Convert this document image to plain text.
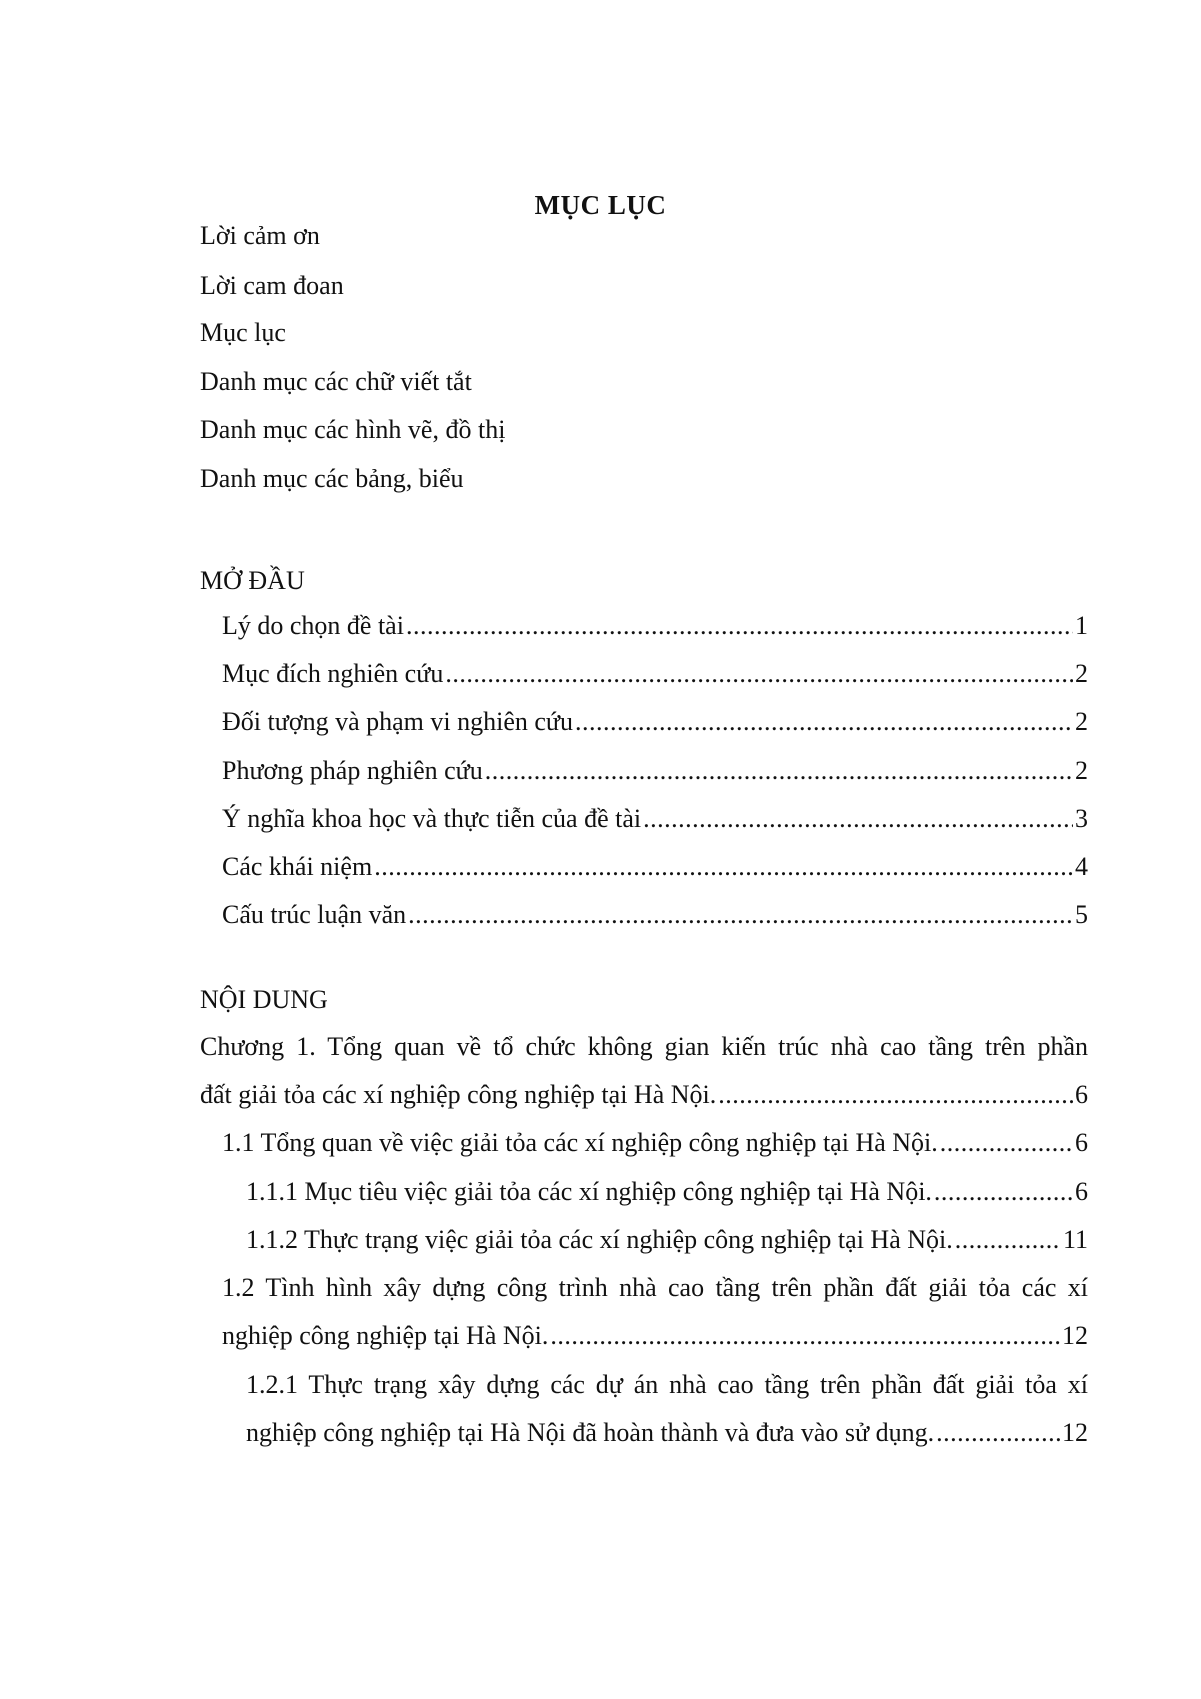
MỤC LỤC
Lời cảm ơn
Lời cam đoan
Mục lục
Danh mục các chữ viết tắt
Danh mục các hình vẽ, đồ thị
Danh mục các bảng, biểu
MỞ ĐẦU
Lý do chọn đề tài . . .	1
Mục đích nghiên cứu . . .	2
Đối tượng và phạm vi nghiên cứu . . .	2
Phương pháp nghiên cứu . . .	2
Ý nghĩa khoa học và thực tiễn của đề tài . . .	3
Các khái niệm . . .	4
Cấu trúc luận văn . . .	5
NỘI DUNG
Chương 1. Tổng quan về tổ chức không gian kiến trúc nhà cao tầng trên phần
đất giải tỏa các xí nghiệp công nghiệp tại Hà Nội. . . .	6
1.1 Tổng quan về việc giải tỏa các xí nghiệp công nghiệp tại Hà Nội. . . .	6
1.1.1 Mục tiêu việc giải tỏa các xí nghiệp công nghiệp tại Hà Nội. . . .	6
1.1.2 Thực trạng việc giải tỏa các xí nghiệp công nghiệp tại Hà Nội. . . .	11
1.2 Tình hình xây dựng công trình nhà cao tầng trên phần đất giải tỏa các xí
nghiệp công nghiệp tại Hà Nội. . . .	12
1.2.1 Thực trạng xây dựng các dự án nhà cao tầng trên phần đất giải tỏa xí
nghiệp công nghiệp tại Hà Nội đã hoàn thành và đưa vào sử dụng. . . .	12
